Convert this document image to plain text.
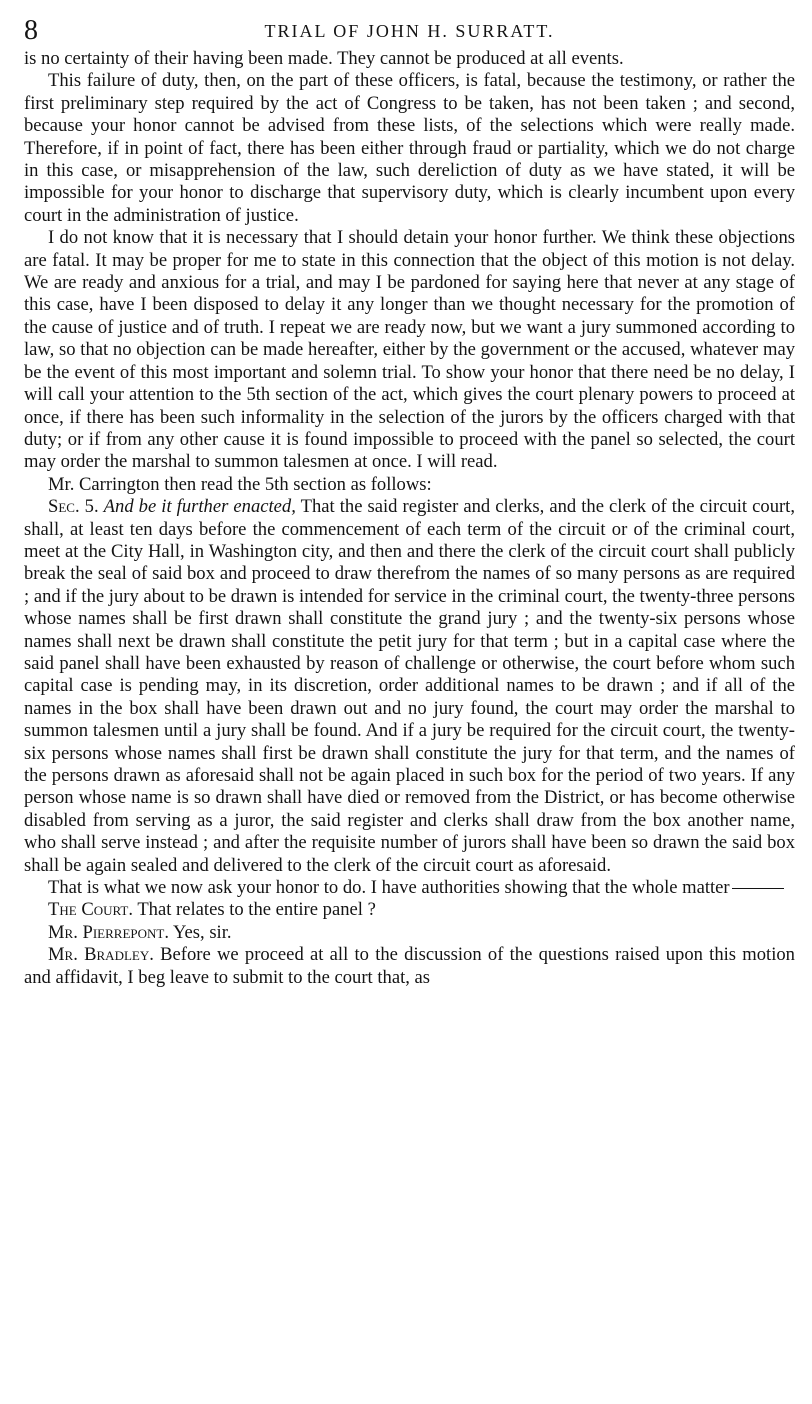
8	TRIAL OF JOHN H. SURRATT.

is no certainty of their having been made. They cannot be produced at all events.

This failure of duty, then, on the part of these officers, is fatal, because the testimony, or rather the first preliminary step required by the act of Congress to be taken, has not been taken ; and second, because your honor cannot be advised from these lists, of the selections which were really made. Therefore, if in point of fact, there has been either through fraud or partiality, which we do not charge in this case, or misapprehension of the law, such dereliction of duty as we have stated, it will be impossible for your honor to discharge that supervisory duty, which is clearly incumbent upon every court in the administration of justice.

I do not know that it is necessary that I should detain your honor further. We think these objections are fatal. It may be proper for me to state in this connection that the object of this motion is not delay. We are ready and anxious for a trial, and may I be pardoned for saying here that never at any stage of this case, have I been disposed to delay it any longer than we thought necessary for the promotion of the cause of justice and of truth. I repeat we are ready now, but we want a jury summoned according to law, so that no objection can be made hereafter, either by the government or the accused, whatever may be the event of this most important and solemn trial. To show your honor that there need be no delay, I will call your attention to the 5th section of the act, which gives the court plenary powers to proceed at once, if there has been such informality in the selection of the jurors by the officers charged with that duty; or if from any other cause it is found impossible to proceed with the panel so selected, the court may order the marshal to summon talesmen at once. I will read.

Mr. Carrington then read the 5th section as follows:

Sec. 5. And be it further enacted, That the said register and clerks, and the clerk of the circuit court, shall, at least ten days before the commencement of each term of the circuit or of the criminal court, meet at the City Hall, in Washington city, and then and there the clerk of the circuit court shall publicly break the seal of said box and proceed to draw therefrom the names of so many persons as are required ; and if the jury about to be drawn is intended for service in the criminal court, the twenty-three persons whose names shall be first drawn shall constitute the grand jury ; and the twenty-six persons whose names shall next be drawn shall constitute the petit jury for that term ; but in a capital case where the said panel shall have been exhausted by reason of challenge or otherwise, the court before whom such capital case is pending may, in its discretion, order additional names to be drawn ; and if all of the names in the box shall have been drawn out and no jury found, the court may order the marshal to summon talesmen until a jury shall be found. And if a jury be required for the circuit court, the twenty-six persons whose names shall first be drawn shall constitute the jury for that term, and the names of the persons drawn as aforesaid shall not be again placed in such box for the period of two years. If any person whose name is so drawn shall have died or removed from the District, or has become otherwise disabled from serving as a juror, the said register and clerks shall draw from the box another name, who shall serve instead ; and after the requisite number of jurors shall have been so drawn the said box shall be again sealed and delivered to the clerk of the circuit court as aforesaid.

That is what we now ask your honor to do. I have authorities showing that the whole matter

The Court. That relates to the entire panel ?

Mr. Pierrepont. Yes, sir.

Mr. Bradley. Before we proceed at all to the discussion of the questions raised upon this motion and affidavit, I beg leave to submit to the court that, as
